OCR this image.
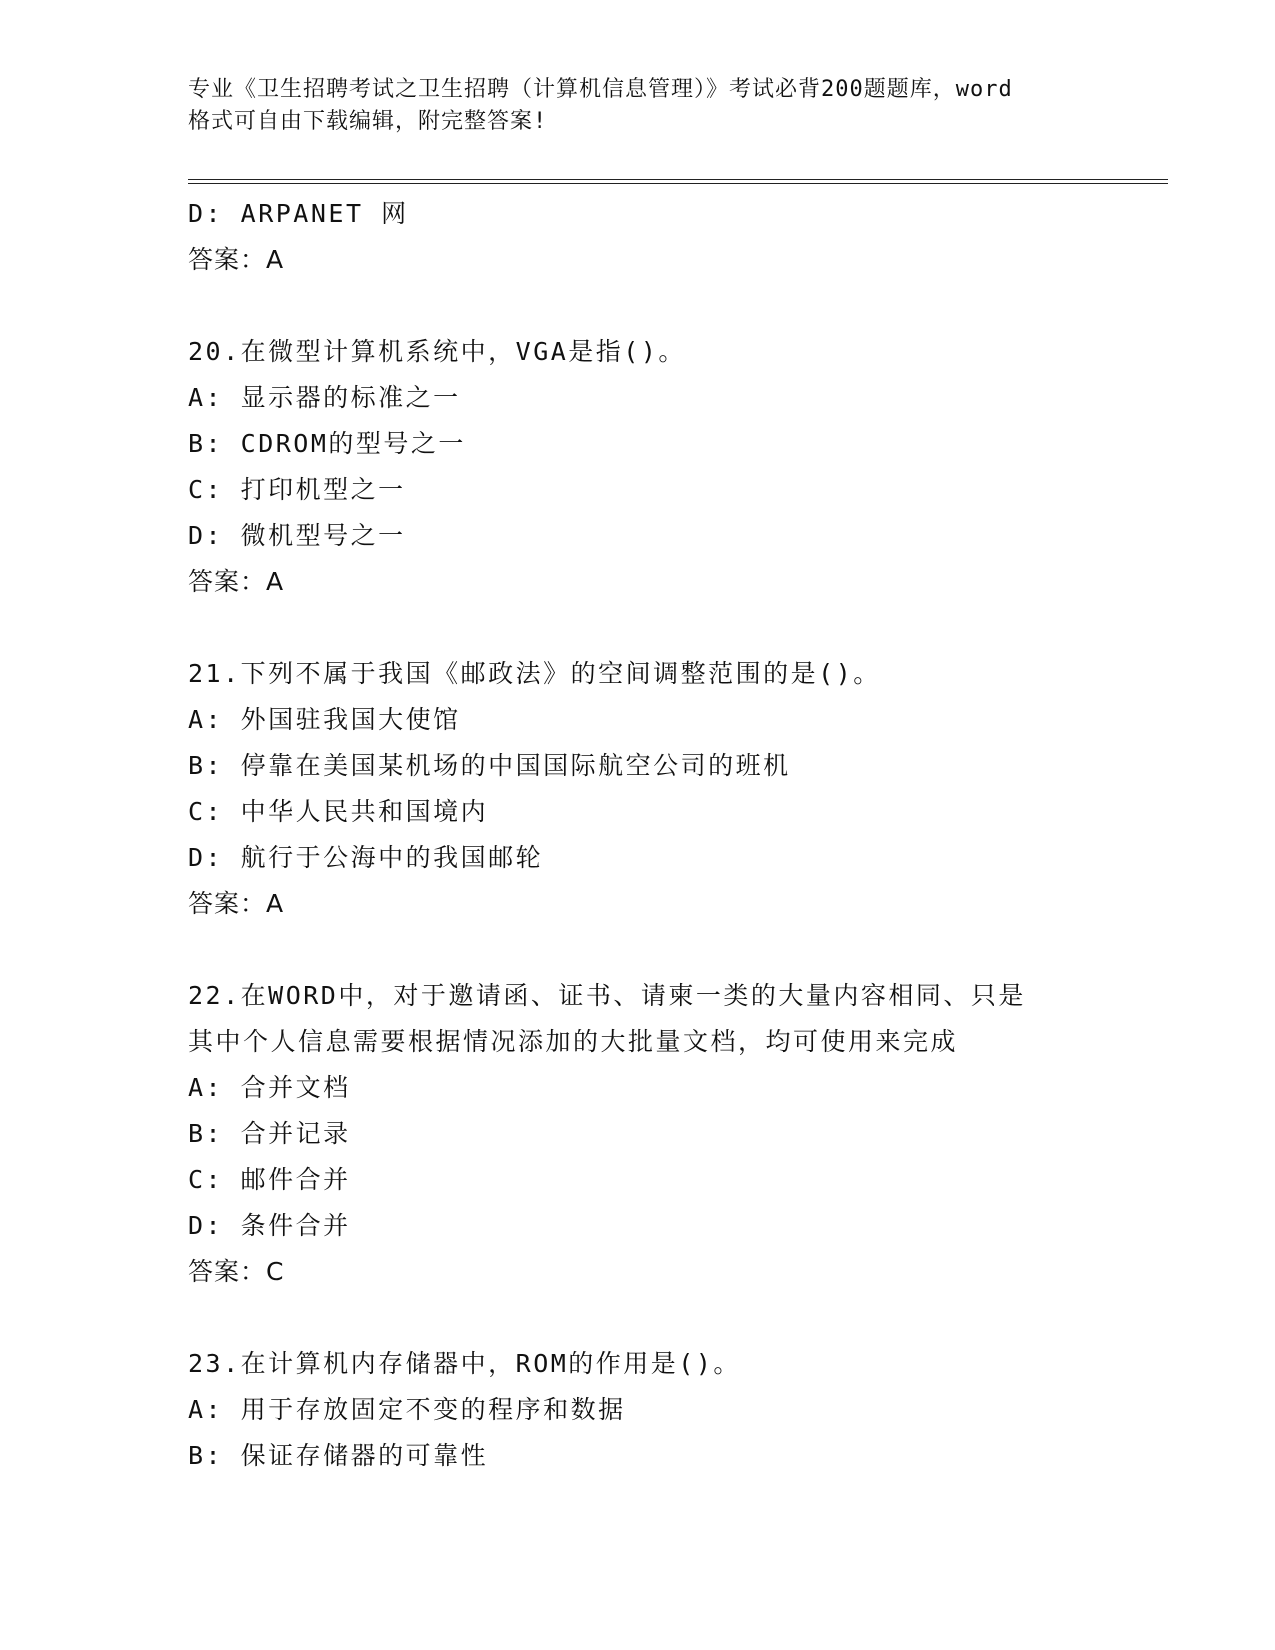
专业《卫生招聘考试之卫生招聘（计算机信息管理）》考试必背200题题库，word
格式可自由下载编辑，附完整答案!
D: ARPANET 网
答案：A
20.在微型计算机系统中，VGA是指()。
A: 显示器的标准之一
B: CDROM的型号之一
C: 打印机型之一
D: 微机型号之一
答案：A
21.下列不属于我国《邮政法》的空间调整范围的是()。
A: 外国驻我国大使馆
B: 停靠在美国某机场的中国国际航空公司的班机
C: 中华人民共和国境内
D: 航行于公海中的我国邮轮
答案：A
22.在WORD中，对于邀请函、证书、请柬一类的大量内容相同、只是
其中个人信息需要根据情况添加的大批量文档，均可使用来完成
A: 合并文档
B: 合并记录
C: 邮件合并
D: 条件合并
答案：C
23.在计算机内存储器中，ROM的作用是()。
A: 用于存放固定不变的程序和数据
B: 保证存储器的可靠性
